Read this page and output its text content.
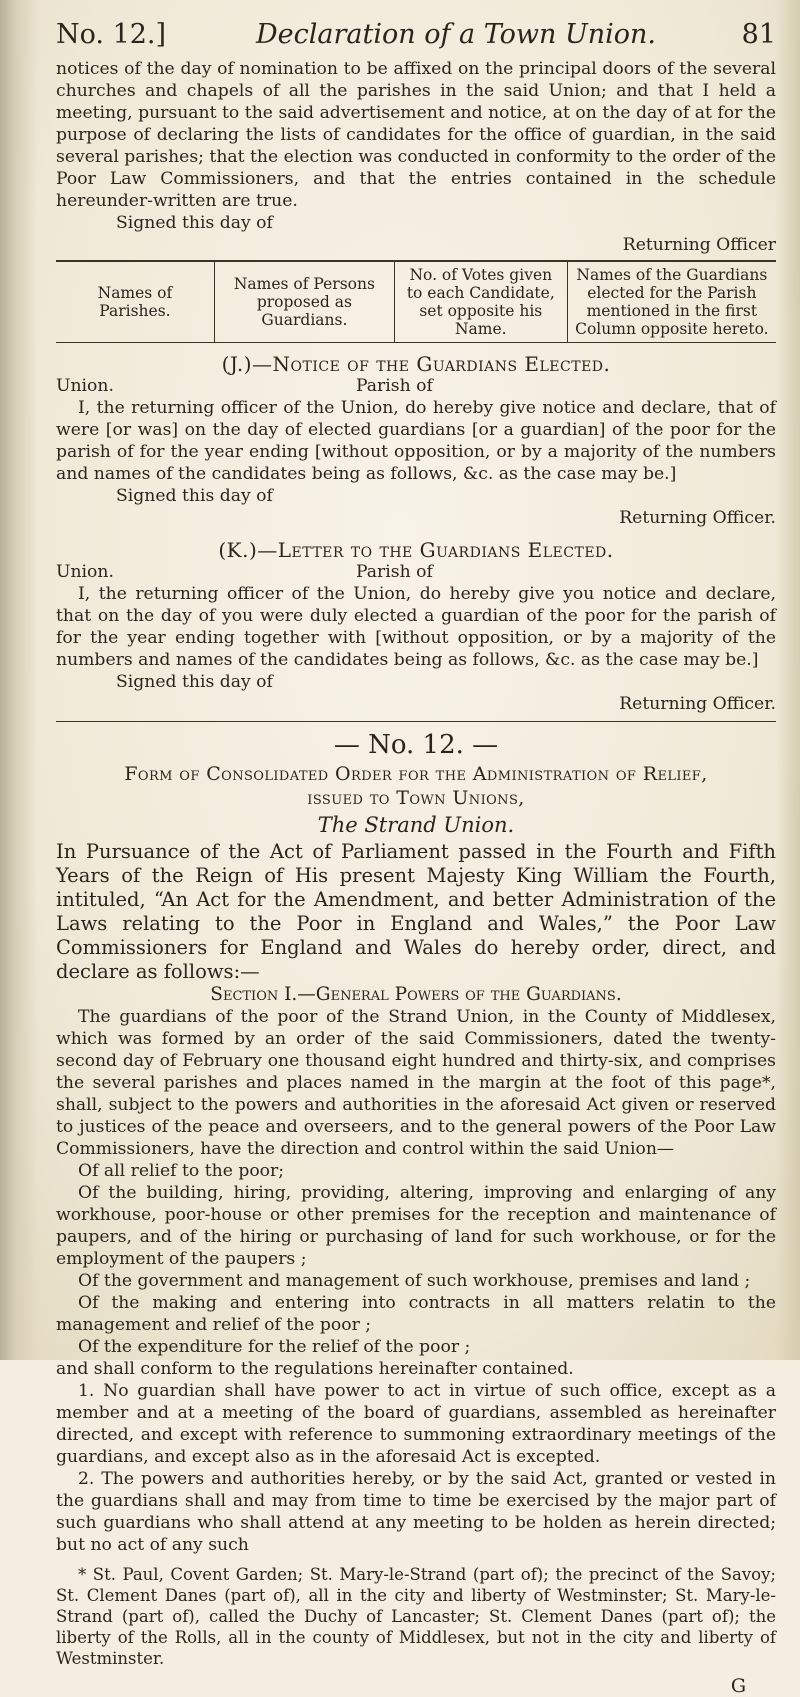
No. 12.]	Declaration of a Town Union.	81

notices of the day of nomination to be affixed on the principal doors of the several churches and chapels of all the parishes in the said Union; and that I held a meeting, pursuant to the said advertisement and notice, at on the day of at for the purpose of declaring the lists of candidates for the office of guardian, in the said several parishes; that the election was conducted in conformity to the order of the Poor Law Commissioners, and that the entries contained in the schedule hereunder-written are true.

Signed this day of

Returning Officer

Names of Parishes.	Names of Persons proposed as Guardians.	No. of Votes given to each Candidate, set opposite his Name.	Names of the Guardians elected for the Parish mentioned in the first Column opposite hereto.
(J.)—Notice of the Guardians Elected.
Union.	Parish of

I, the returning officer of the Union, do hereby give notice and declare, that of were [or was] on the day of elected guardians [or a guardian] of the poor for the parish of for the year ending [without opposition, or by a majority of the numbers and names of the candidates being as follows, &c. as the case may be.]

Signed this day of

Returning Officer.

(K.)—Letter to the Guardians Elected.
Union.	Parish of

I, the returning officer of the Union, do hereby give you notice and declare, that on the day of you were duly elected a guardian of the poor for the parish of for the year ending together with [without opposition, or by a majority of the numbers and names of the candidates being as follows, &c. as the case may be.]

Signed this day of

Returning Officer.

— No. 12. —
Form of Consolidated Order for the Administration of Relief,
issued to Town Unions,
The Strand Union.

In Pursuance of the Act of Parliament passed in the Fourth and Fifth Years of the Reign of His present Majesty King William the Fourth, intituled, “An Act for the Amendment, and better Administration of the Laws relating to the Poor in England and Wales,” the Poor Law Commissioners for England and Wales do hereby order, direct, and declare as follows:—

Section I.—General Powers of the Guardians.

The guardians of the poor of the Strand Union, in the County of Middlesex, which was formed by an order of the said Commissioners, dated the twenty-second day of February one thousand eight hundred and thirty-six, and comprises the several parishes and places named in the margin at the foot of this page*, shall, subject to the powers and authorities in the aforesaid Act given or reserved to justices of the peace and overseers, and to the general powers of the Poor Law Commissioners, have the direction and control within the said Union—

Of all relief to the poor;

Of the building, hiring, providing, altering, improving and enlarging of any workhouse, poor-house or other premises for the reception and maintenance of paupers, and of the hiring or purchasing of land for such workhouse, or for the employment of the paupers ;

Of the government and management of such workhouse, premises and land ;

Of the making and entering into contracts in all matters relatin to the management and relief of the poor ;

Of the expenditure for the relief of the poor ;

and shall conform to the regulations hereinafter contained.

1. No guardian shall have power to act in virtue of such office, except as a member and at a meeting of the board of guardians, assembled as hereinafter directed, and except with reference to summoning extraordinary meetings of the guardians, and except also as in the aforesaid Act is excepted.

2. The powers and authorities hereby, or by the said Act, granted or vested in the guardians shall and may from time to time be exercised by the major part of such guardians who shall attend at any meeting to be holden as herein directed; but no act of any such

* St. Paul, Covent Garden; St. Mary-le-Strand (part of); the precinct of the Savoy; St. Clement Danes (part of), all in the city and liberty of Westminster; St. Mary-le-Strand (part of), called the Duchy of Lancaster; St. Clement Danes (part of); the liberty of the Rolls, all in the county of Middlesex, but not in the city and liberty of Westminster.

G
